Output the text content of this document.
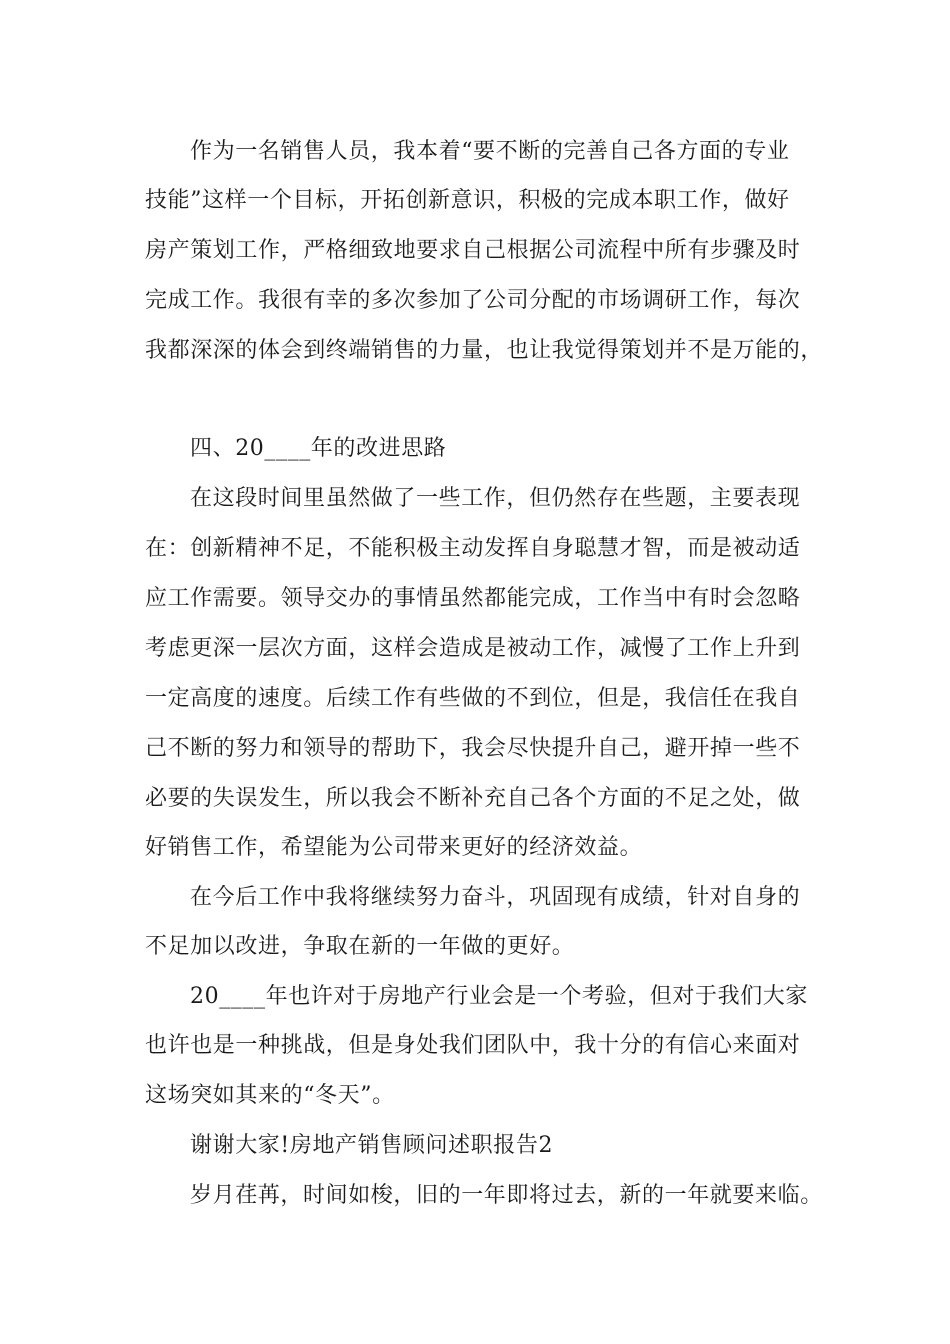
作为一名销售人员，我本着“要不断的完善自己各方面的专业
技能”这样一个目标，开拓创新意识，积极的完成本职工作，做好
房产策划工作，严格细致地要求自己根据公司流程中所有步骤及时
完成工作。我很有幸的多次参加了公司分配的市场调研工作，每次
我都深深的体会到终端销售的力量，也让我觉得策划并不是万能的，
四、20____年的改进思路
在这段时间里虽然做了一些工作，但仍然存在些题，主要表现
在：创新精神不足，不能积极主动发挥自身聪慧才智，而是被动适
应工作需要。领导交办的事情虽然都能完成，工作当中有时会忽略
考虑更深一层次方面，这样会造成是被动工作，减慢了工作上升到
一定高度的速度。后续工作有些做的不到位，但是，我信任在我自
己不断的努力和领导的帮助下，我会尽快提升自己，避开掉一些不
必要的失误发生，所以我会不断补充自己各个方面的不足之处，做
好销售工作，希望能为公司带来更好的经济效益。
在今后工作中我将继续努力奋斗，巩固现有成绩，针对自身的
不足加以改进，争取在新的一年做的更好。
20____年也许对于房地产行业会是一个考验，但对于我们大家
也许也是一种挑战，但是身处我们团队中，我十分的有信心来面对
这场突如其来的“冬天”。
谢谢大家!房地产销售顾问述职报告2
岁月荏苒，时间如梭，旧的一年即将过去，新的一年就要来临。
